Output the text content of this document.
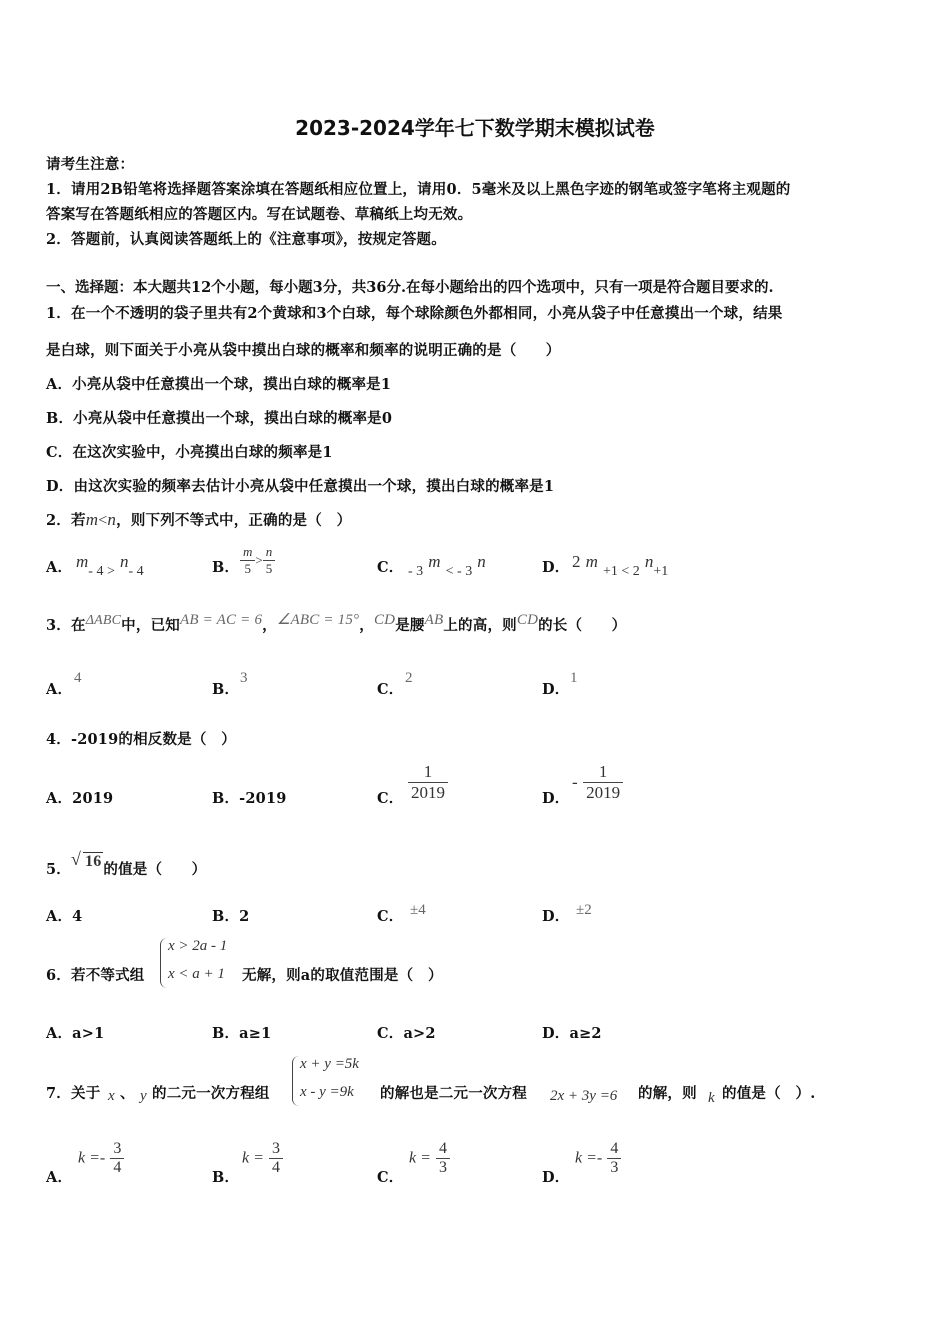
2023-2024学年七下数学期末模拟试卷
请考生注意：
1．请用2B铅笔将选择题答案涂填在答题纸相应位置上，请用0．5毫米及以上黑色字迹的钢笔或签字笔将主观题的
答案写在答题纸相应的答题区内。写在试题卷、草稿纸上均无效。
2．答题前，认真阅读答题纸上的《注意事项》，按规定答题。
一、选择题：本大题共12个小题，每小题3分，共36分.在每小题给出的四个选项中，只有一项是符合题目要求的.
1．在一个不透明的袋子里共有2个黄球和3个白球，每个球除颜色外都相同，小亮从袋子中任意摸出一个球，结果
是白球，则下面关于小亮从袋中摸出白球的概率和频率的说明正确的是（　　）
A．小亮从袋中任意摸出一个球，摸出白球的概率是1
B．小亮从袋中任意摸出一个球，摸出白球的概率是0
C．在这次实验中，小亮摸出白球的频率是1
D．由这次实验的频率去估计小亮从袋中任意摸出一个球，摸出白球的概率是1
2．若m<n，则下列不等式中，正确的是（　）
A． m- 4 > n- 4	B． $\frac{m}{5} > \frac{n}{5}$	C． - 3 m < - 3 n	D． 2 m +1 < 2 n+1
3．在ΔABC中，已知AB = AC = 6，∠ABC = 15°，CD是腰AB上的高，则CD的长（　　）
A．
4
B．
3
C．
2
D．
1
4．-2019的相反数是（　）
A．2019	B．-2019	C． $\frac{1}{2019}$	D．
- $\frac{1}{2019}$
5．
√ 16 的值是（　　）
A．4	B．2	C． ±4	D． ±2
6．若不等式组
x > 2a - 1
x < a + 1 无解，则a的取值范围是（　）
A．a>1	B．a≥1	C．a>2	D．a≥2
7．关于 x 、 y 的二元一次方程组
x + y =5k
x - y =9k 的解也是二元一次方程 2x + 3y =6 的解，则 k 的值是（　）.
A．
$k =- \frac{3}{4}$
B．
$k = \frac{3}{4}$
C．
$k = \frac{4}{3}$
D．
$k =- \frac{4}{3}$
